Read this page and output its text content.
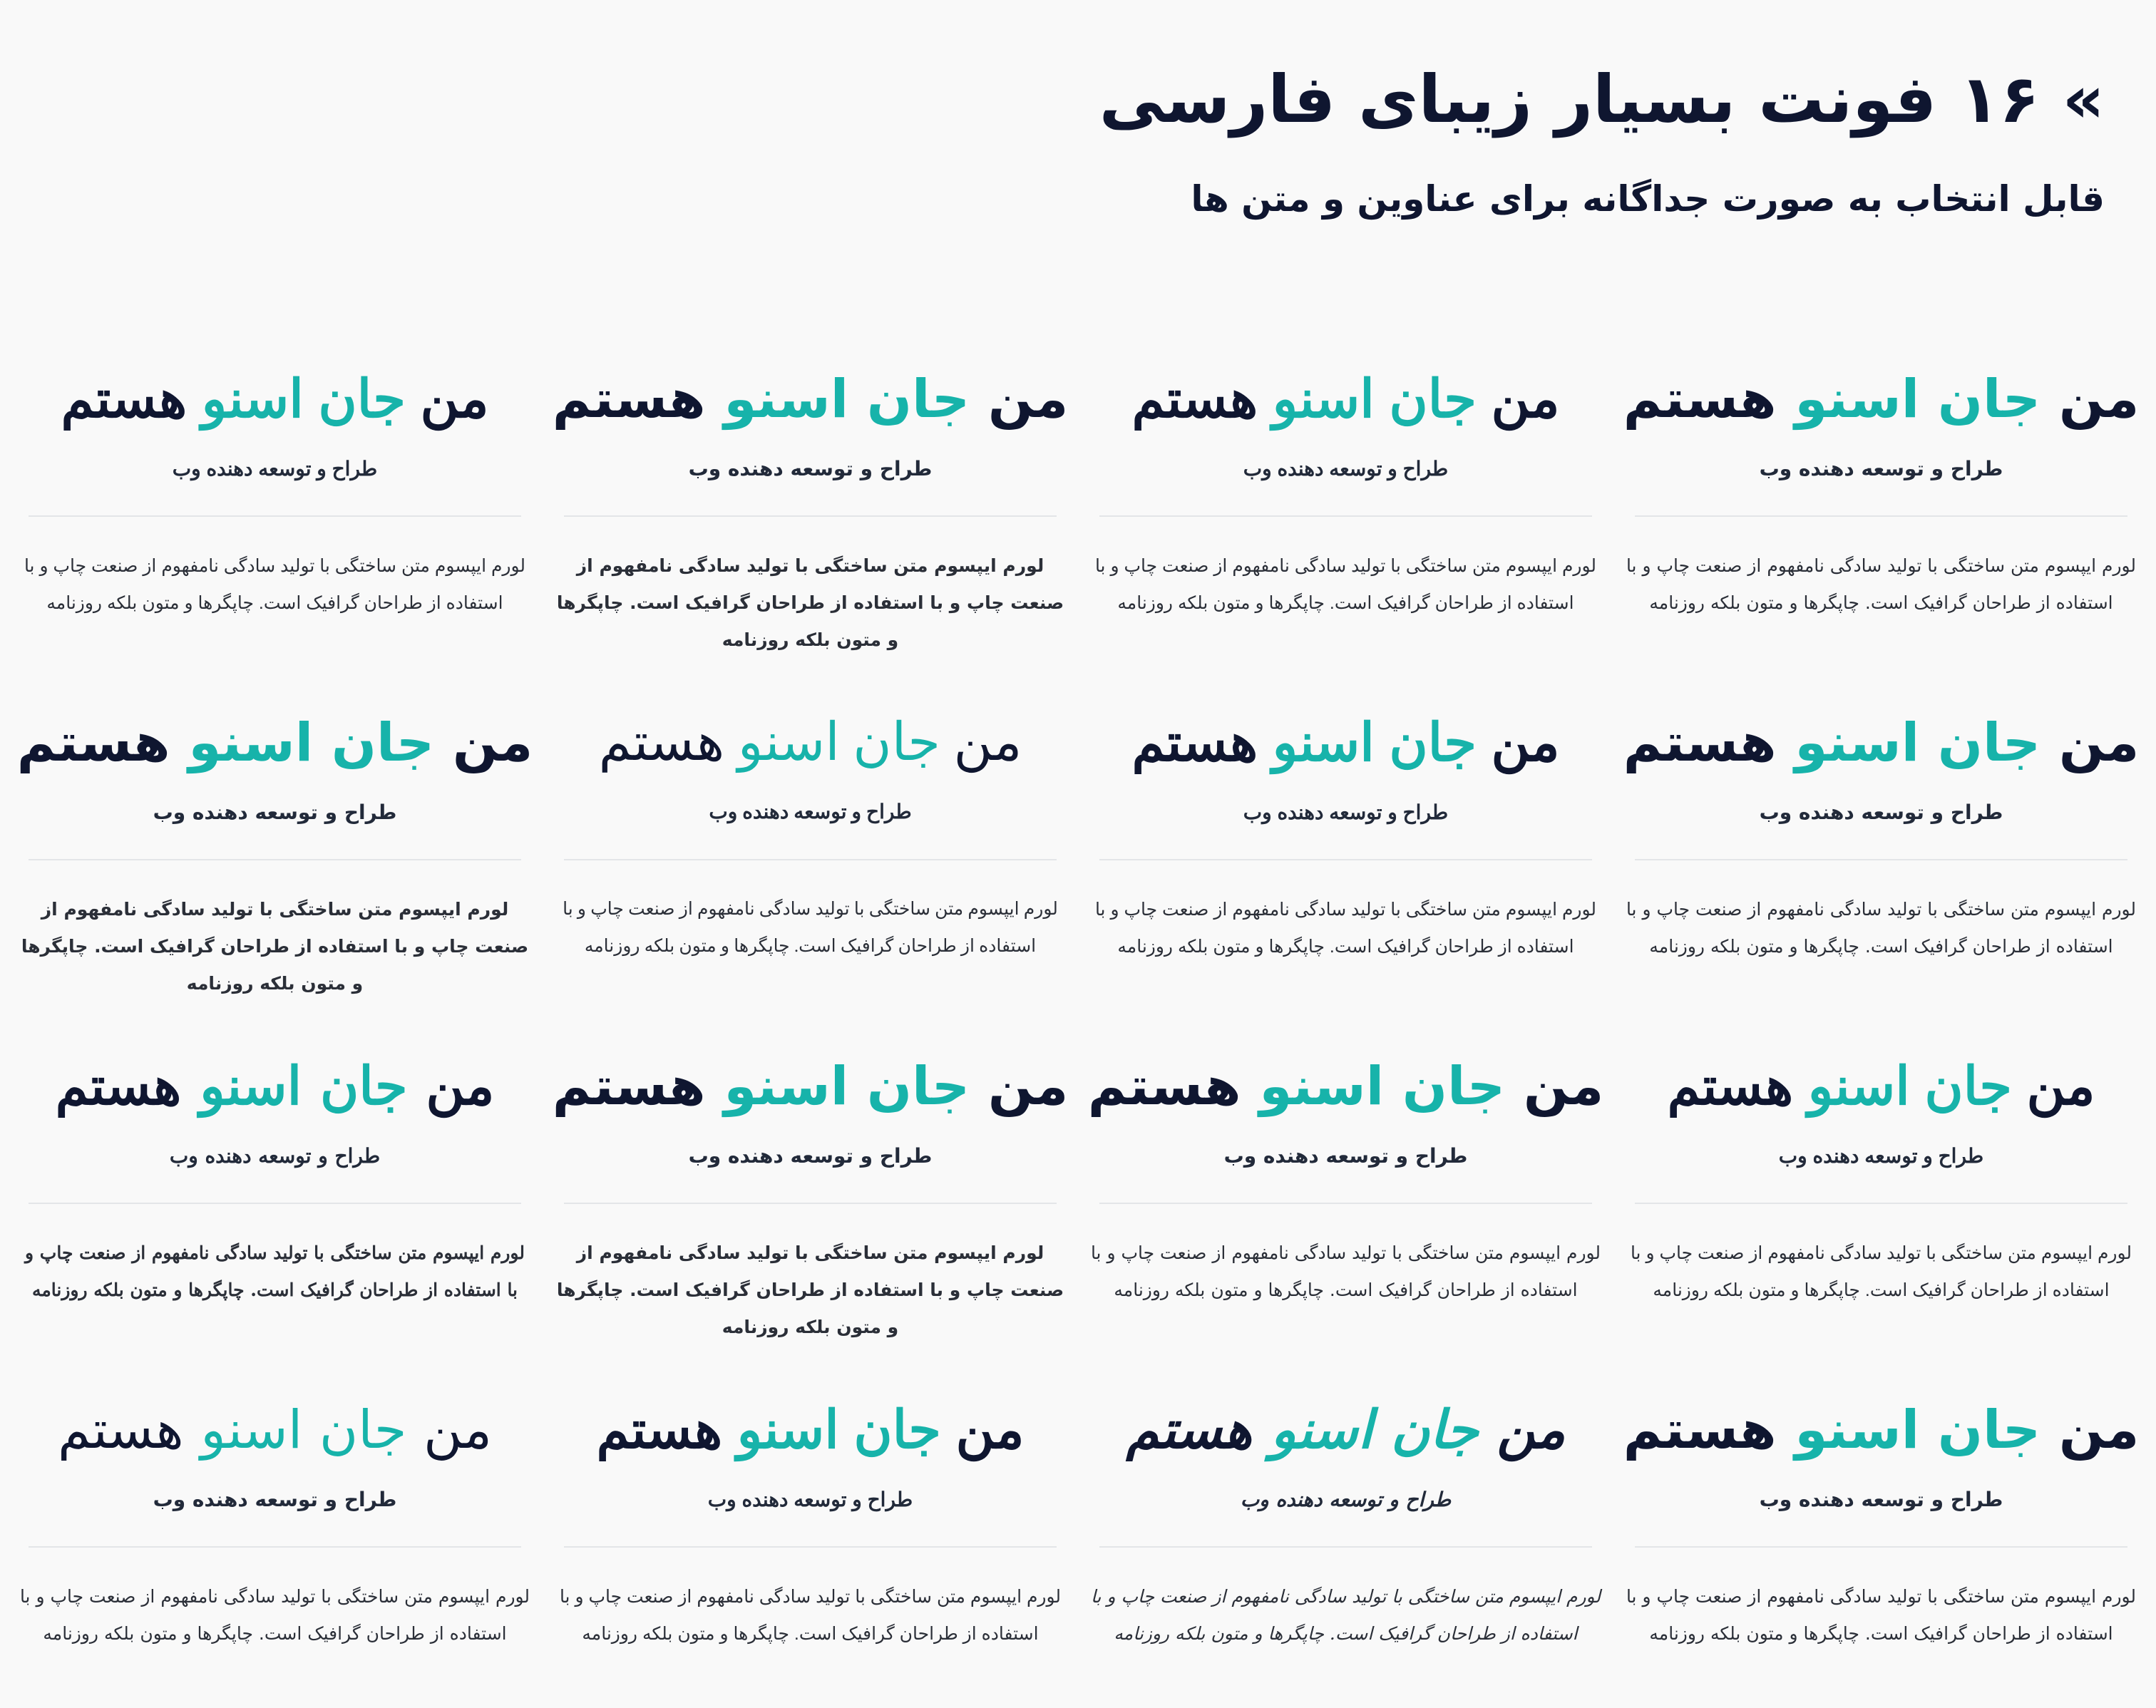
» ۱۶ فونت بسیار زیبای فارسی
قابل انتخاب به صورت جداگانه برای عناوین و متن ها
من جان اسنو هستم
طراح و توسعه دهنده وب
لورم ایپسوم متن ساختگی با تولید سادگی نامفهوم از صنعت چاپ و با استفاده از طراحان گرافیک است. چاپگرها و متون بلکه روزنامه
من جان اسنو هستم
طراح و توسعه دهنده وب
لورم ایپسوم متن ساختگی با تولید سادگی نامفهوم از صنعت چاپ و با استفاده از طراحان گرافیک است. چاپگرها و متون بلکه روزنامه
من جان اسنو هستم
طراح و توسعه دهنده وب
لورم ایپسوم متن ساختگی با تولید سادگی نامفهوم از صنعت چاپ و با استفاده از طراحان گرافیک است. چاپگرها و متون بلکه روزنامه
من جان اسنو هستم
طراح و توسعه دهنده وب
لورم ایپسوم متن ساختگی با تولید سادگی نامفهوم از صنعت چاپ و با استفاده از طراحان گرافیک است. چاپگرها و متون بلکه روزنامه
من جان اسنو هستم
طراح و توسعه دهنده وب
لورم ایپسوم متن ساختگی با تولید سادگی نامفهوم از صنعت چاپ و با استفاده از طراحان گرافیک است. چاپگرها و متون بلکه روزنامه
من جان اسنو هستم
طراح و توسعه دهنده وب
لورم ایپسوم متن ساختگی با تولید سادگی نامفهوم از صنعت چاپ و با استفاده از طراحان گرافیک است. چاپگرها و متون بلکه روزنامه
من جان اسنو هستم
طراح و توسعه دهنده وب
لورم ایپسوم متن ساختگی با تولید سادگی نامفهوم از صنعت چاپ و با استفاده از طراحان گرافیک است. چاپگرها و متون بلکه روزنامه
من جان اسنو هستم
طراح و توسعه دهنده وب
لورم ایپسوم متن ساختگی با تولید سادگی نامفهوم از صنعت چاپ و با استفاده از طراحان گرافیک است. چاپگرها و متون بلکه روزنامه
من جان اسنو هستم
طراح و توسعه دهنده وب
لورم ایپسوم متن ساختگی با تولید سادگی نامفهوم از صنعت چاپ و با استفاده از طراحان گرافیک است. چاپگرها و متون بلکه روزنامه
من جان اسنو هستم
طراح و توسعه دهنده وب
لورم ایپسوم متن ساختگی با تولید سادگی نامفهوم از صنعت چاپ و با استفاده از طراحان گرافیک است. چاپگرها و متون بلکه روزنامه
من جان اسنو هستم
طراح و توسعه دهنده وب
لورم ایپسوم متن ساختگی با تولید سادگی نامفهوم از صنعت چاپ و با استفاده از طراحان گرافیک است. چاپگرها و متون بلکه روزنامه
من جان اسنو هستم
طراح و توسعه دهنده وب
لورم ایپسوم متن ساختگی با تولید سادگی نامفهوم از صنعت چاپ و با استفاده از طراحان گرافیک است. چاپگرها و متون بلکه روزنامه
من جان اسنو هستم
طراح و توسعه دهنده وب
لورم ایپسوم متن ساختگی با تولید سادگی نامفهوم از صنعت چاپ و با استفاده از طراحان گرافیک است. چاپگرها و متون بلکه روزنامه
من جان اسنو هستم
طراح و توسعه دهنده وب
لورم ایپسوم متن ساختگی با تولید سادگی نامفهوم از صنعت چاپ و با استفاده از طراحان گرافیک است. چاپگرها و متون بلکه روزنامه
من جان اسنو هستم
طراح و توسعه دهنده وب
لورم ایپسوم متن ساختگی با تولید سادگی نامفهوم از صنعت چاپ و با استفاده از طراحان گرافیک است. چاپگرها و متون بلکه روزنامه
من جان اسنو هستم
طراح و توسعه دهنده وب
لورم ایپسوم متن ساختگی با تولید سادگی نامفهوم از صنعت چاپ و با استفاده از طراحان گرافیک است. چاپگرها و متون بلکه روزنامه
